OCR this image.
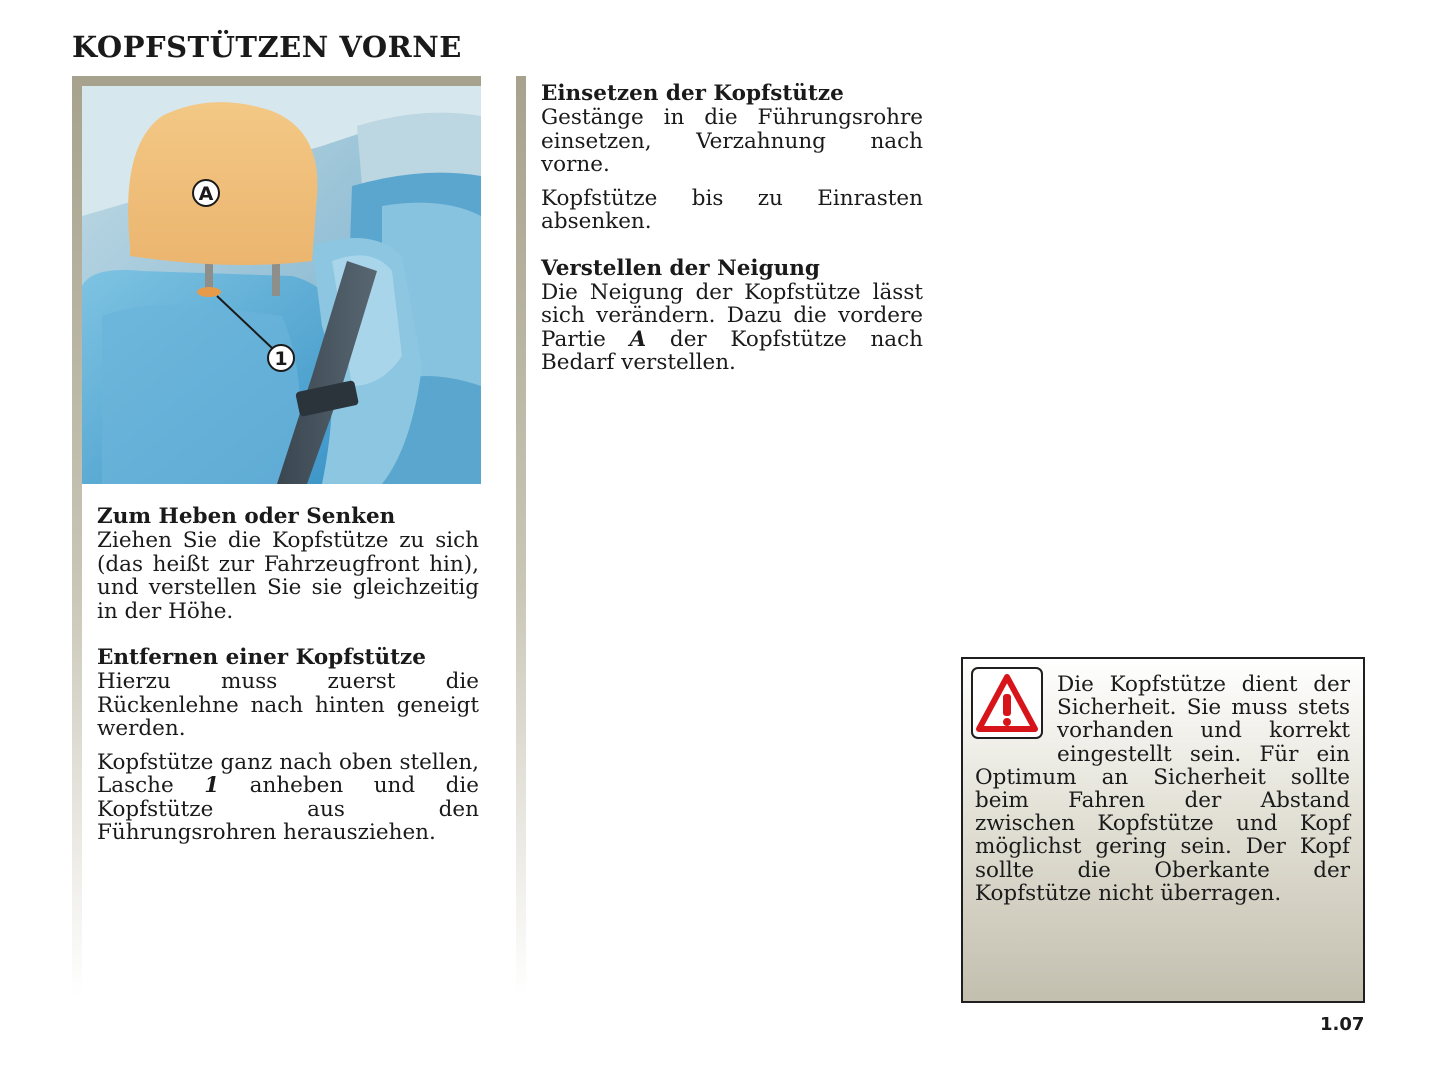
KOPFSTÜTZEN VORNE
A
1

Zum Heben oder Senken

Ziehen Sie die Kopfstütze zu sich (das heißt zur Fahrzeugfront hin), und verstellen Sie sie gleichzeitig in der Höhe.

Entfernen einer Kopfstütze

Hierzu muss zuerst die Rückenlehne nach hinten geneigt werden.

Kopfstütze ganz nach oben stellen, Lasche 1 anheben und die Kopfstütze aus den Führungsrohren herausziehen.

Einsetzen der Kopfstütze

Gestänge in die Führungsrohre einsetzen, Verzahnung nach vorne.

Kopfstütze bis zu Einrasten absenken.

Verstellen der Neigung

Die Neigung der Kopfstütze lässt sich verändern. Dazu die vordere Partie A der Kopfstütze nach Bedarf verstellen.

Die Kopfstütze dient der Sicherheit. Sie muss stets vorhanden und korrekt eingestellt sein. Für ein Optimum an Sicherheit sollte beim Fahren der Abstand zwischen Kopfstütze und Kopf möglichst gering sein. Der Kopf sollte die Oberkante der Kopfstütze nicht überragen.
1.07
